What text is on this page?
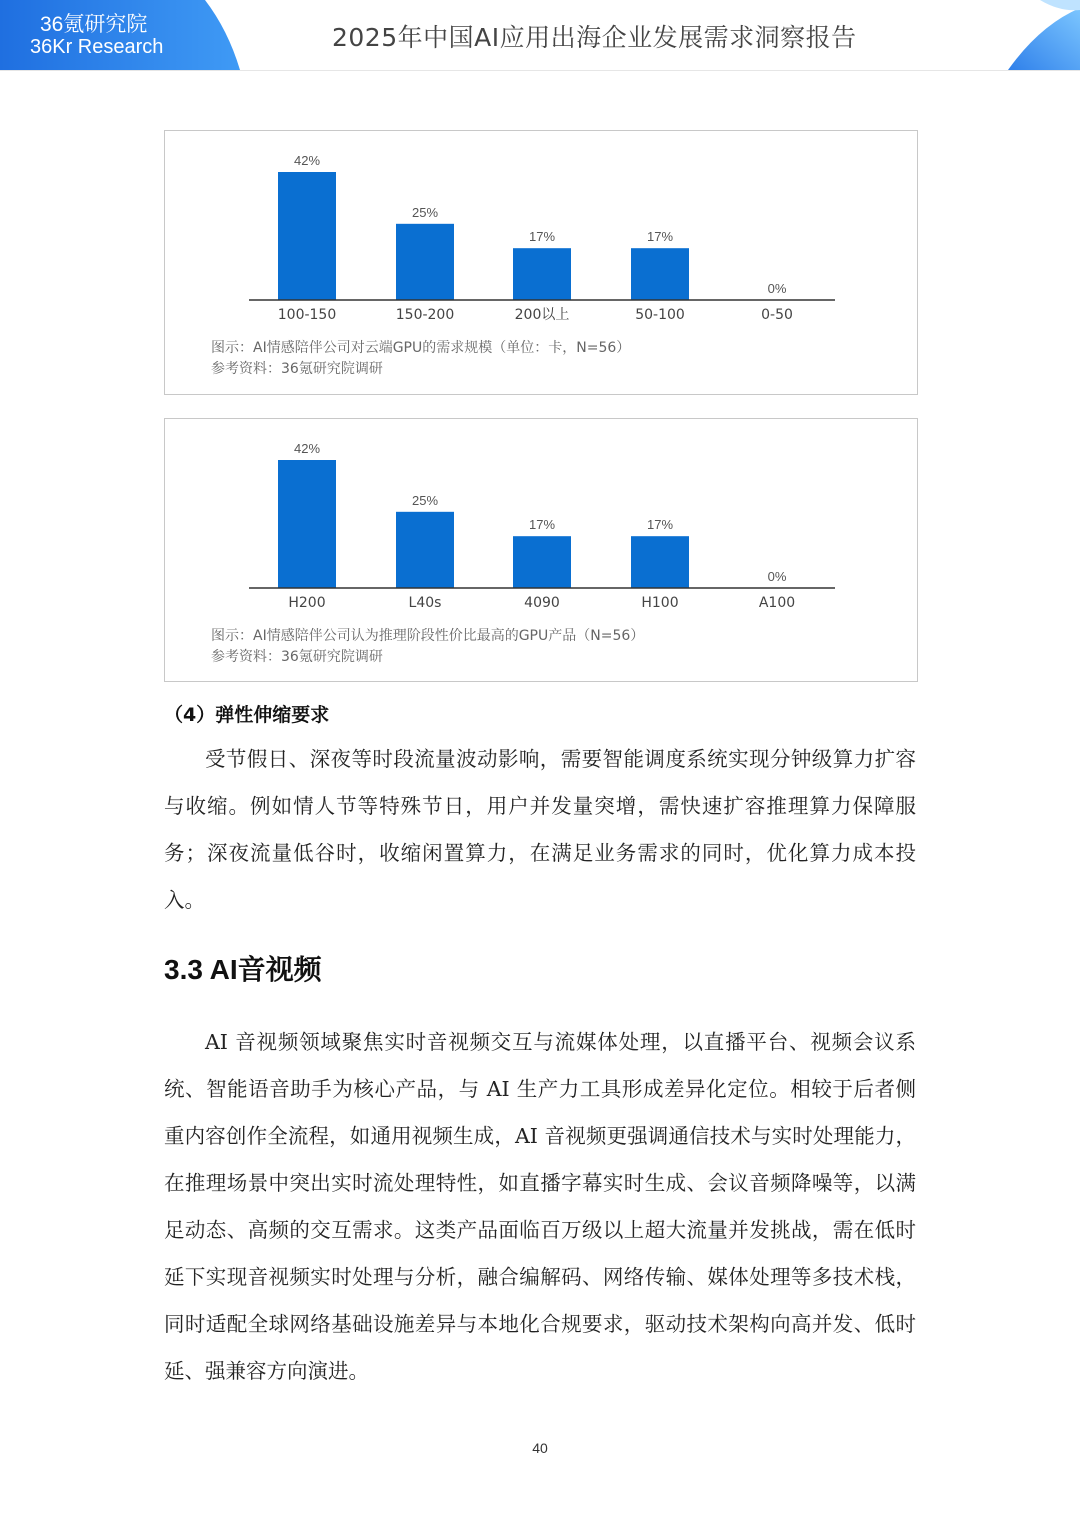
36氪研究院
36Kr Research	2025年中国AI应用出海企业发展需求洞察报告
42%
100-150
25%
150-200
17%
200以上
17%
50-100
0%
0-50
图示：AI情感陪伴公司对云端GPU的需求规模（单位：卡，N=56）
参考资料：36氪研究院调研
42%
H200
25%
L40s
17%
4090
17%
H100
0%
A100
图示：AI情感陪伴公司认为推理阶段性价比最高的GPU产品（N=56）
参考资料：36氪研究院调研
（4）弹性伸缩要求

受节假日、深夜等时段流量波动影响，需要智能调度系统实现分钟级算力扩容与收缩。例如情人节等特殊节日，用户并发量突增，需快速扩容推理算力保障服务；深夜流量低谷时，收缩闲置算力，在满足业务需求的同时，优化算力成本投入。

3.3 AI音视频

AI 音视频领域聚焦实时音视频交互与流媒体处理，以直播平台、视频会议系统、智能语音助手为核心产品，与 AI 生产力工具形成差异化定位。相较于后者侧重内容创作全流程，如通用视频生成，AI 音视频更强调通信技术与实时处理能力，在推理场景中突出实时流处理特性，如直播字幕实时生成、会议音频降噪等，以满足动态、高频的交互需求。这类产品面临百万级以上超大流量并发挑战，需在低时延下实现音视频实时处理与分析，融合编解码、网络传输、媒体处理等多技术栈，同时适配全球网络基础设施差异与本地化合规要求，驱动技术架构向高并发、低时延、强兼容方向演进。

40
